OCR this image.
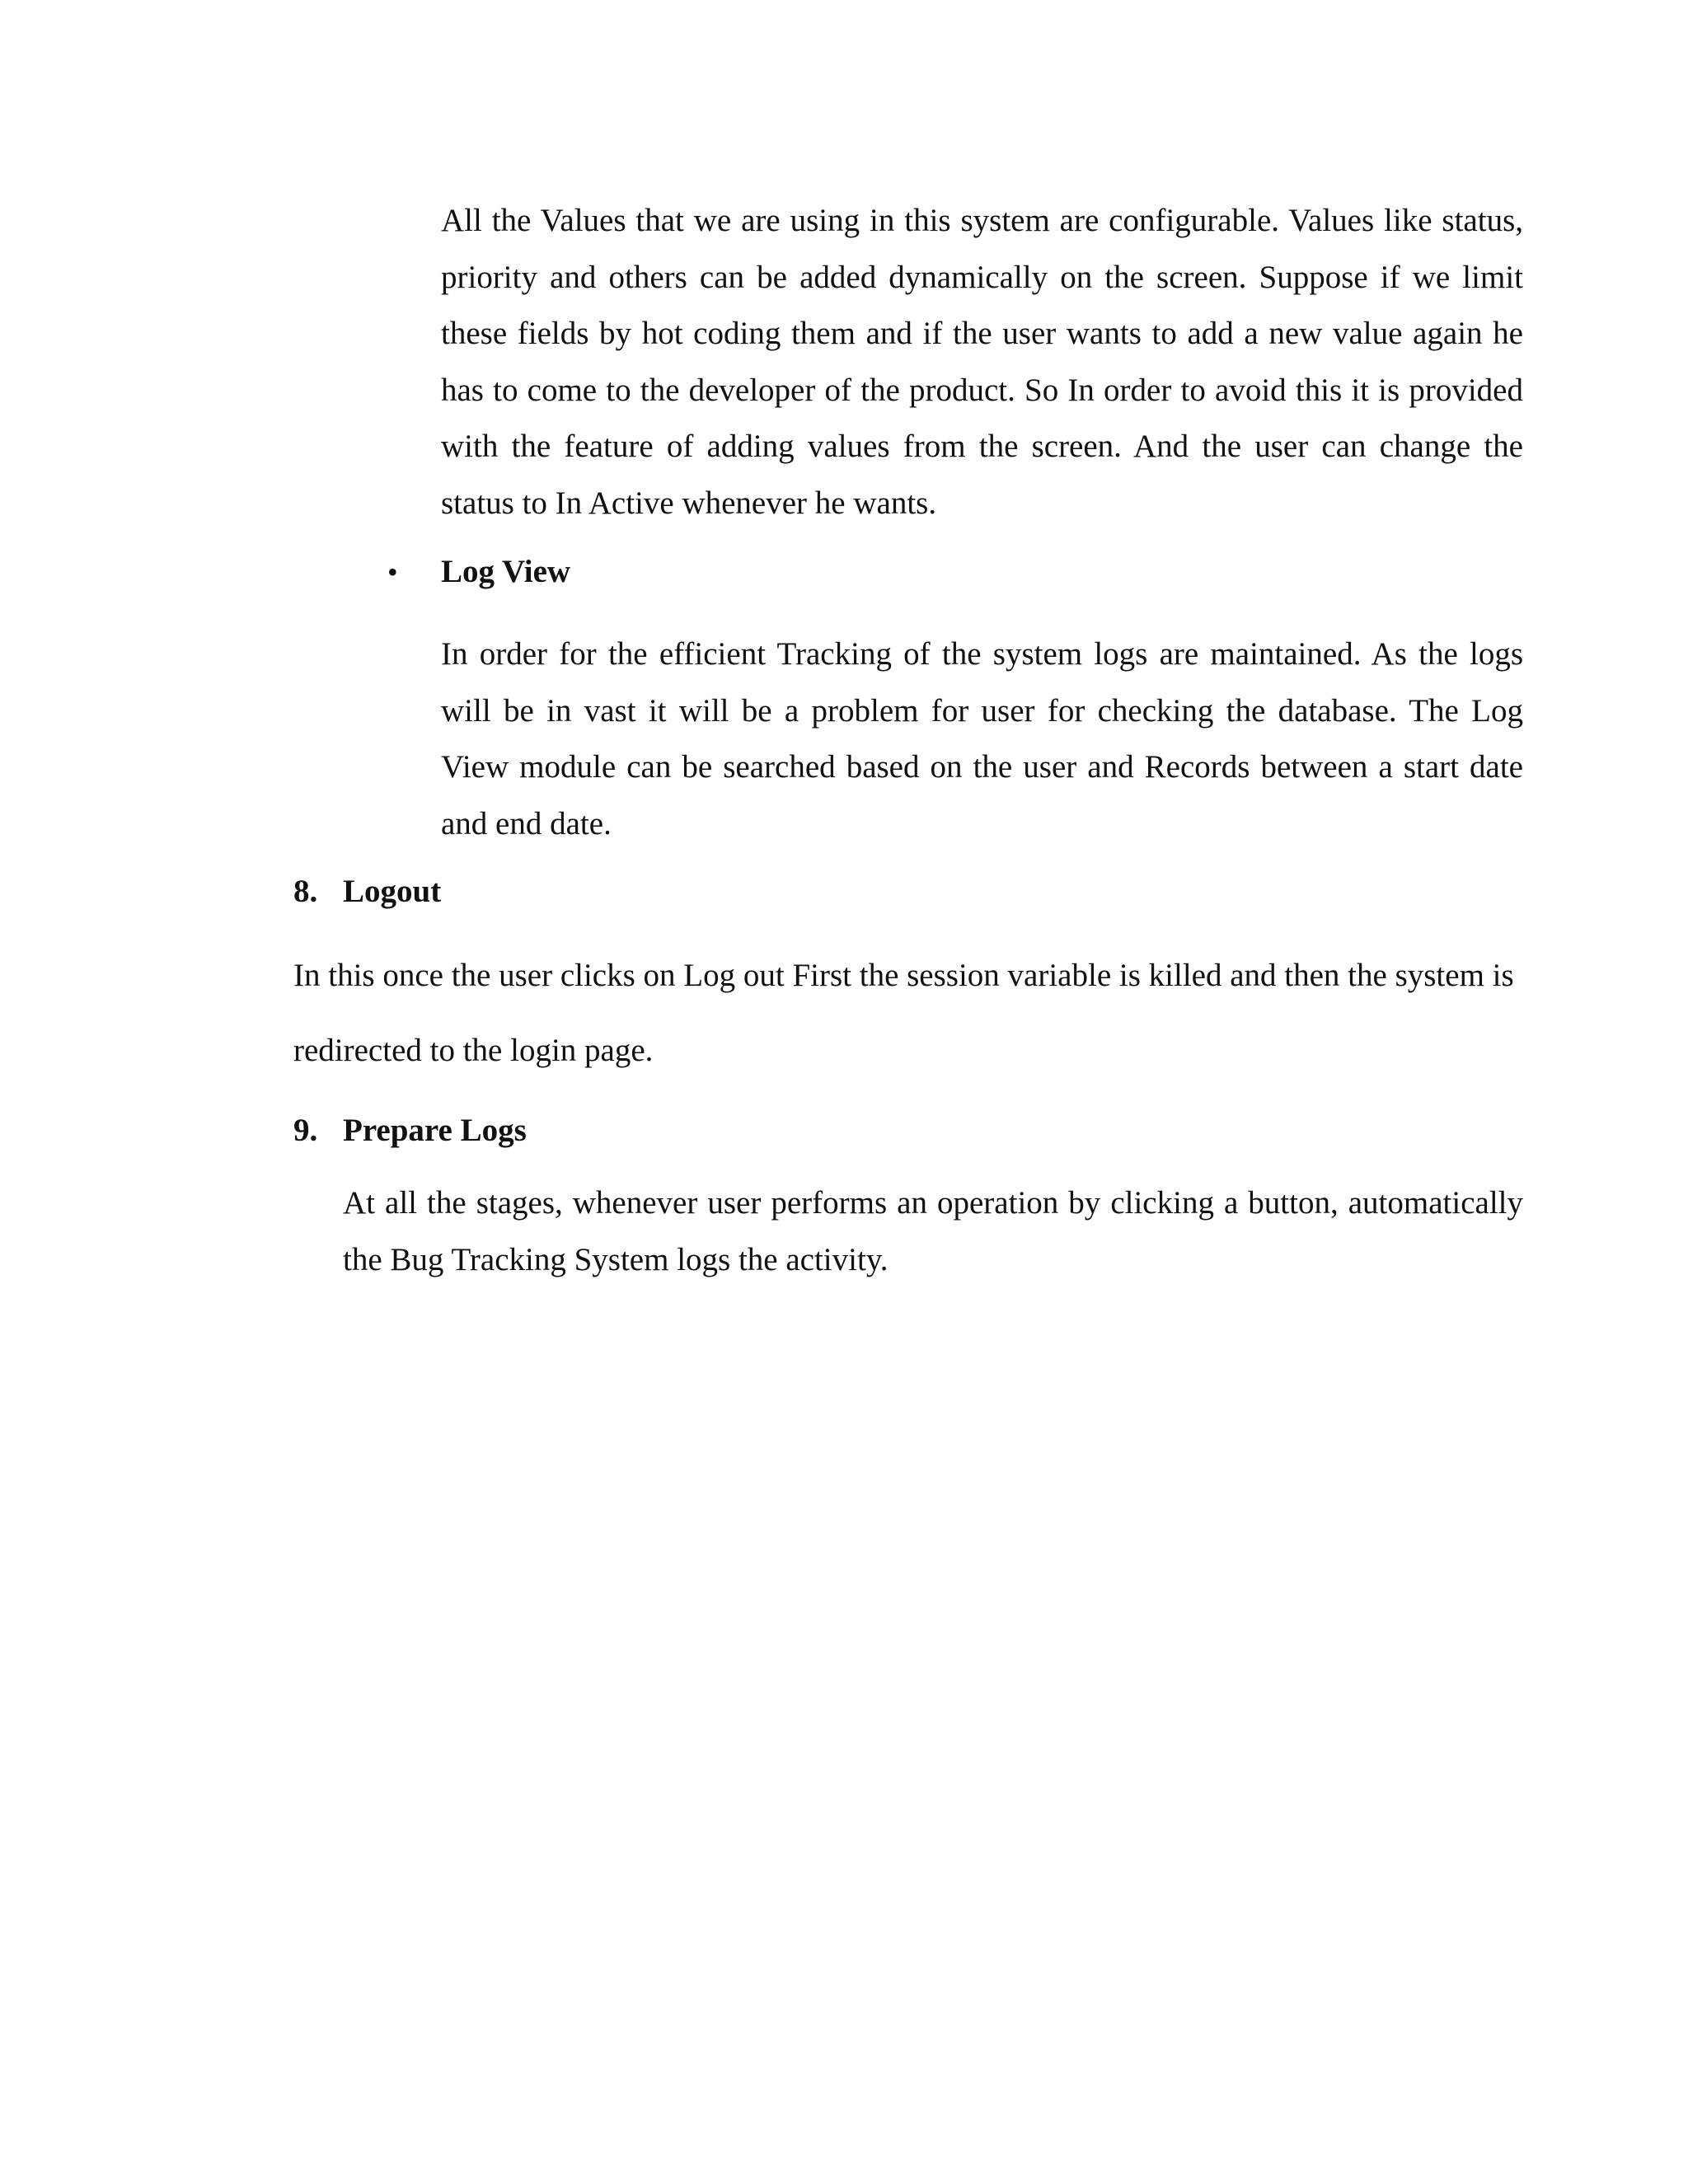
All the Values that we are using in this system are configurable. Values like status, priority and others can be added dynamically on the screen. Suppose if we limit these fields by hot coding them and if the user wants to add a new value again he has to come to the developer of the product. So In order to avoid this it is provided with the feature of adding values from the screen. And the user can change the status to In Active whenever he wants.

• Log View

In order for the efficient Tracking of the system logs are maintained. As the logs will be in vast it will be a problem for user for checking the database. The Log View module can be searched based on the user and Records between a start date and end date.

8. Logout

In this once the user clicks on Log out First the session variable is killed and then the system is redirected to the login page.

9. Prepare Logs

At all the stages, whenever user performs an operation by clicking a button, automatically the Bug Tracking System logs the activity.
